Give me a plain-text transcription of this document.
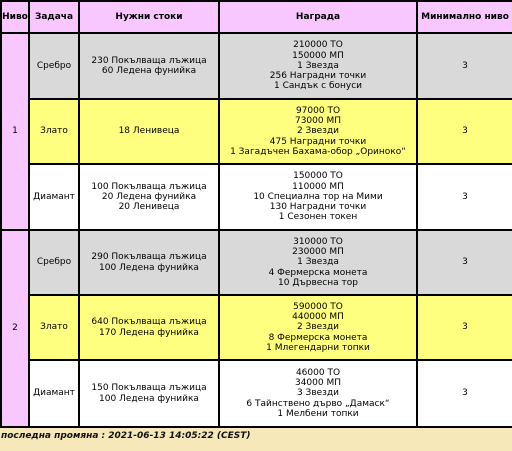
Ниво	Задача	Нужни стоки	Награда	Минимално ниво
1	Сребро	230 Покълваща лъжица
60 Ледена фунийка	210000 ТО
150000 МП
1 Звезда
256 Наградни точки
1 Сандък с бонуси	3
	Злато	18 Ленивеца	97000 ТО
73000 МП
2 Звезди
475 Наградни точки
1 Загадъчен Бахама-обор „Ориноко“	3
	Диамант	100 Покълваща лъжица
20 Ледена фунийка
20 Ленивеца	150000 ТО
110000 МП
10 Специална тор на Мими
130 Наградни точки
1 Сезонен токен	3
2	Сребро	290 Покълваща лъжица
100 Ледена фунийка	310000 ТО
230000 МП
1 Звезда
4 Фермерска монета
10 Дървесна тор	3
	Злато	640 Покълваща лъжица
170 Ледена фунийка	590000 ТО
440000 МП
2 Звезди
8 Фермерска монета
1 Млегендарни топки	3
	Диамант	150 Покълваща лъжица
100 Ледена фунийка	46000 ТО
34000 МП
3 Звезди
6 Тайнствено дърво „Дамаск“
1 Мелбени топки	3
последна промяна : 2021-06-13 14:05:22 (CEST)
